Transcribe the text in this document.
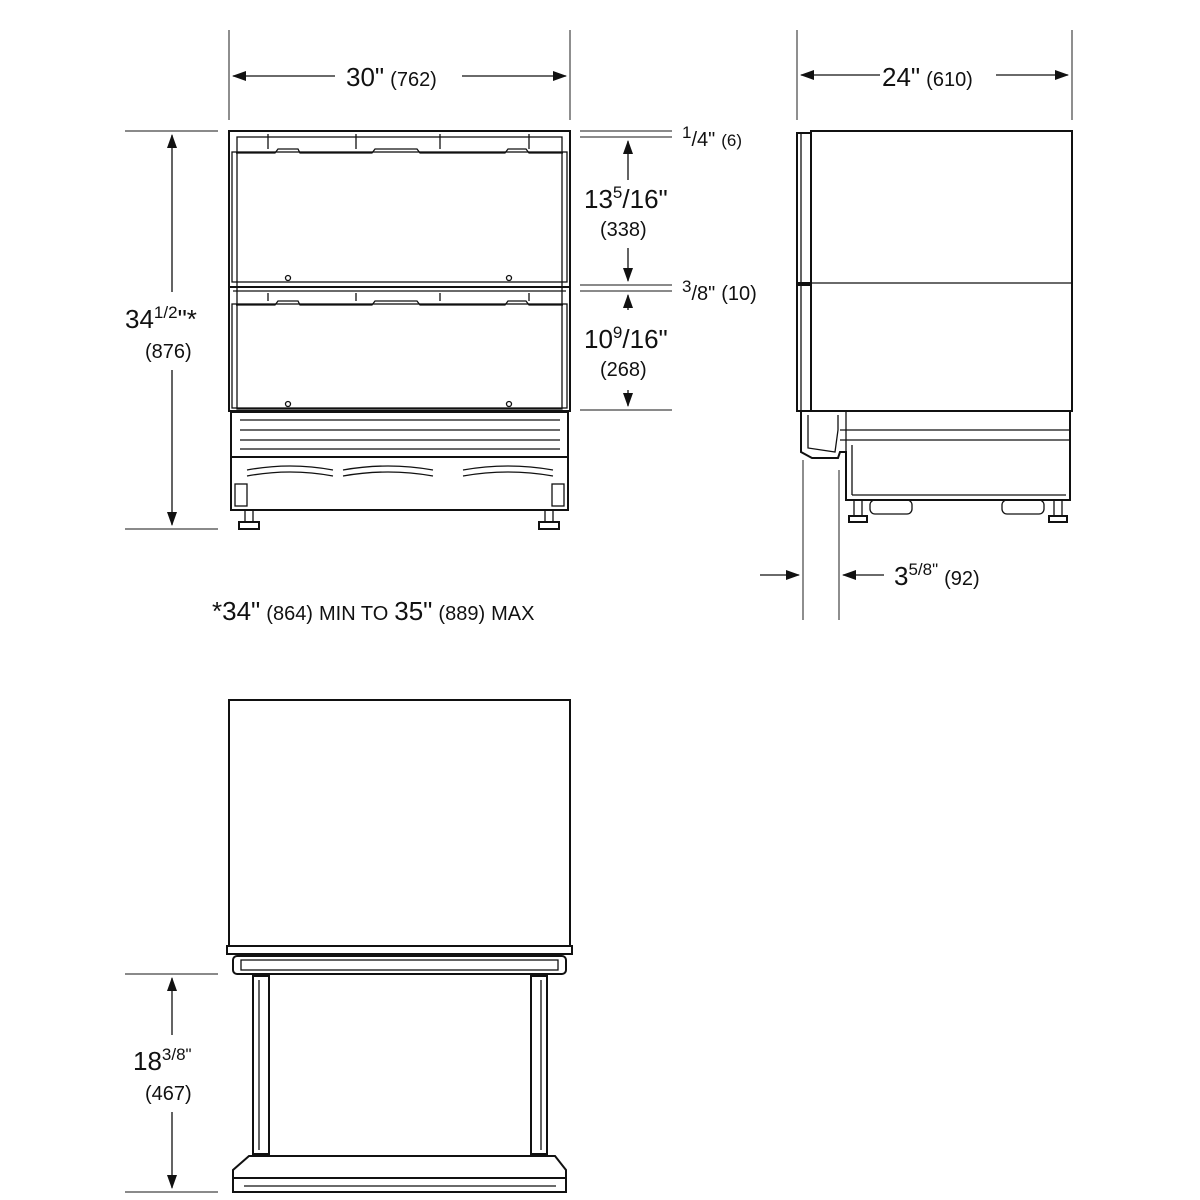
30" (762)
$34^{1/2}"*$
(876)
$^1$/4" (6)
$13^5/16$"
(338)
$^3$/8" (10)
$10^9/16$"
(268)
*34" (864) MIN TO 35" (889) MAX
24" (610)
$3^{5/8"}$ $_{(92)}$
$18^{3/8"}$
(467)
